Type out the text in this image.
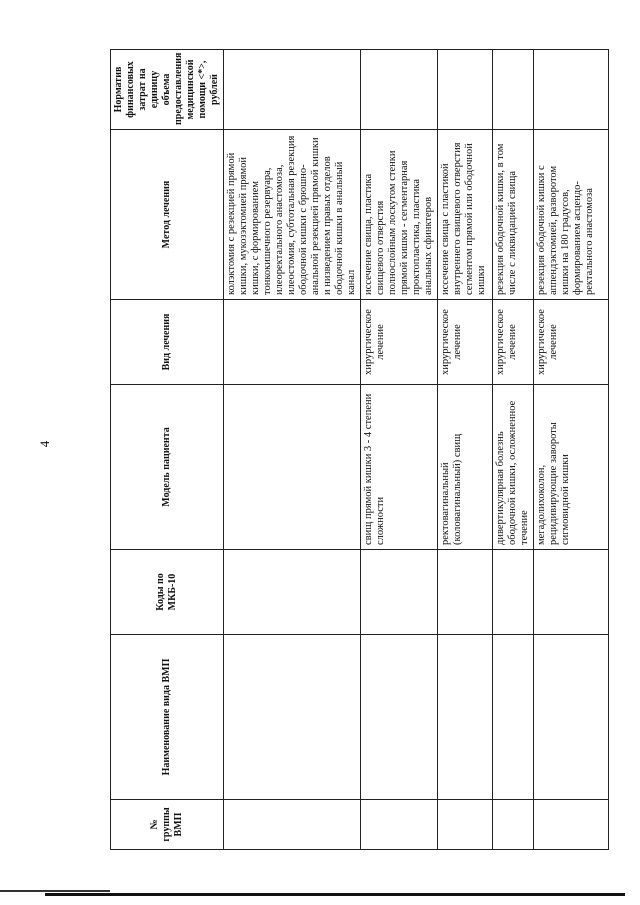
4
№ группы ВМП	Наименование вида ВМП	Коды по МКБ-10	Модель пациента	Вид лечения	Метод лечения	Норматив финансовых затрат на единицу объема предоставления медицинской помощи <*>, рублей
					колэктомия с резекцией прямой кишки, мукозэктомией прямой кишки, с формированием тонкокишечного резервуара, илеоректального анастомоза, илеостомия, субтотальная резекция ободочной кишки с брюшно-анальной резекцией прямой кишки и низведением правых отделов ободочной кишки в анальный канал	
			свищ прямой кишки 3 - 4 степени сложности	хирургическое лечение	иссечение свища, пластика свищевого отверстия полнослойным лоскутом стенки прямой кишки - сегментарная проктопластика, пластика анальных сфинктеров	
			ректовагинальный (коловагинальный) свищ	хирургическое лечение	иссечение свища с пластикой внутреннего свищевого отверстия сегментом прямой или ободочной кишки	
			дивертикулярная болезнь ободочной кишки, осложненное течение	хирургическое лечение	резекция ободочной кишки, в том числе с ликвидацией свища	
			мегадолихоколон, рецидивирующие завороты сигмовидной кишки	хирургическое лечение	резекция ободочной кишки с аппендэктомией, разворотом кишки на 180 градусов, формированием асцендо-ректального анастомоза	
